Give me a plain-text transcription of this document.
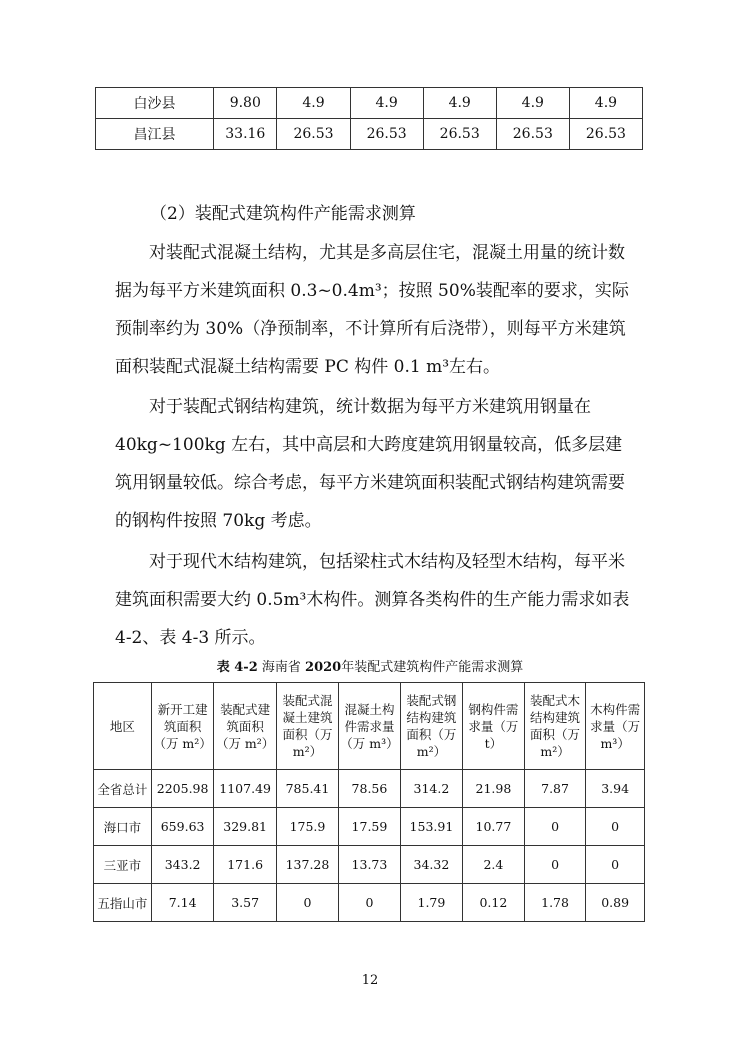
白沙县	9.80	4.9	4.9	4.9	4.9	4.9
昌江县	33.16	26.53	26.53	26.53	26.53	26.53
（2）装配式建筑构件产能需求测算
对装配式混凝土结构，尤其是多高层住宅，混凝土用量的统计数据为每平方米建筑面积 0.3~0.4m³；按照 50%装配率的要求，实际预制率约为 30%（净预制率，不计算所有后浇带），则每平方米建筑面积装配式混凝土结构需要 PC 构件 0.1 m³左右。
对于装配式钢结构建筑，统计数据为每平方米建筑用钢量在 40kg~100kg 左右，其中高层和大跨度建筑用钢量较高，低多层建筑用钢量较低。综合考虑，每平方米建筑面积装配式钢结构建筑需要的钢构件按照 70kg 考虑。
对于现代木结构建筑，包括梁柱式木结构及轻型木结构，每平米建筑面积需要大约 0.5m³木构件。测算各类构件的生产能力需求如表 4-2、表 4-3 所示。
表 4-2 海南省 2020年装配式建筑构件产能需求测算
地区	新开工建筑面积（万 m²）	装配式建筑面积（万 m²）	装配式混凝土建筑面积（万 m²）	混凝土构件需求量（万 m³）	装配式钢结构建筑面积（万 m²）	钢构件需求量（万 t）	装配式木结构建筑面积（万 m²）	木构件需求量（万 m³）
全省总计	2205.98	1107.49	785.41	78.56	314.2	21.98	7.87	3.94
海口市	659.63	329.81	175.9	17.59	153.91	10.77	0	0
三亚市	343.2	171.6	137.28	13.73	34.32	2.4	0	0
五指山市	7.14	3.57	0	0	1.79	0.12	1.78	0.89
12
